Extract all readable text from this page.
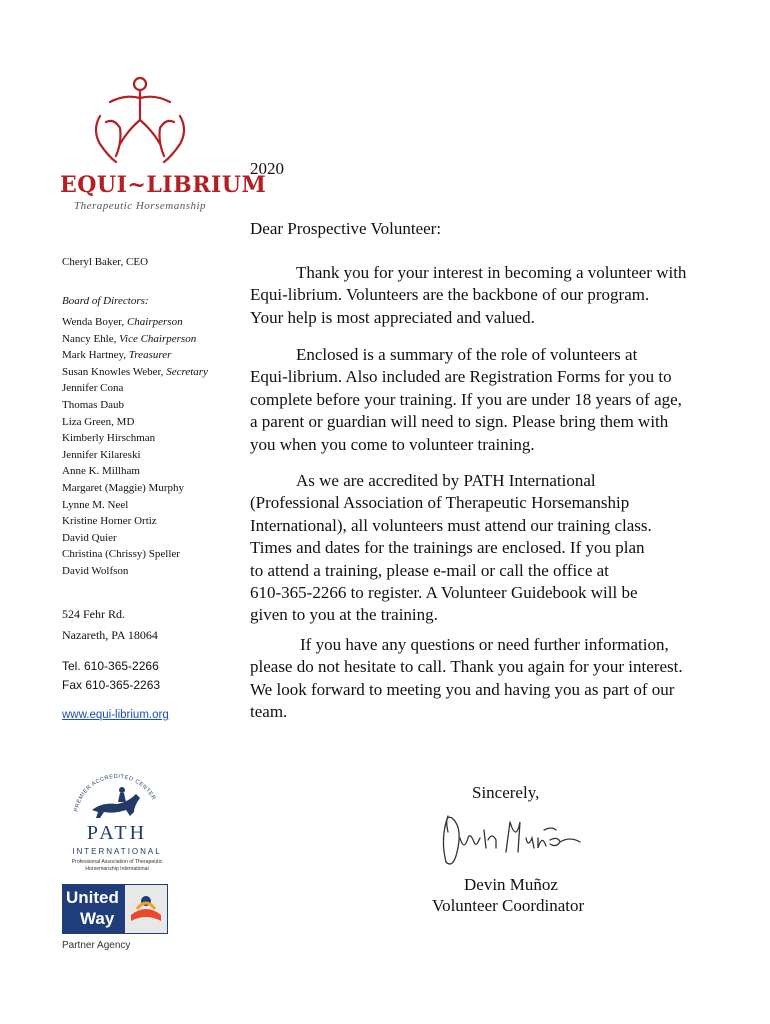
EQUI~LIBRIUM
Therapeutic Horsemanship
Cheryl Baker, CEO
Board of Directors:
Wenda Boyer, Chairperson
Nancy Ehle, Vice Chairperson
Mark Hartney, Treasurer
Susan Knowles Weber, Secretary
Jennifer Cona
Thomas Daub
Liza Green, MD
Kimberly Hirschman
Jennifer Kilareski
Anne K. Millham
Margaret (Maggie) Murphy
Lynne M. Neel
Kristine Horner Ortiz
David Quier
Christina (Chrissy) Speller
David Wolfson
524 Fehr Rd.
Nazareth, PA 18064
Tel. 610-365-2266
Fax 610-365-2263
www.equi-librium.org
PREMIER ACCREDITED CENTER
PATH
INTERNATIONAL
Professional Association of Therapeutic
Horsemanship International
United
Way
Partner Agency
2020
Dear Prospective Volunteer:

Thank you for your interest in becoming a volunteer with
Equi-librium. Volunteers are the backbone of our program.
Your help is most appreciated and valued.

Enclosed is a summary of the role of volunteers at
Equi-librium. Also included are Registration Forms for you to
complete before your training. If you are under 18 years of age,
a parent or guardian will need to sign. Please bring them with
you when you come to volunteer training.

As we are accredited by PATH International
(Professional Association of Therapeutic Horsemanship
International), all volunteers must attend our training class.
Times and dates for the trainings are enclosed. If you plan
to attend a training, please e-mail or call the office at
610-365-2266 to register. A Volunteer Guidebook will be
given to you at the training.

If you have any questions or need further information,
please do not hesitate to call. Thank you again for your interest.
We look forward to meeting you and having you as part of our
team.

Sincerely,
Devin Muñoz
Volunteer Coordinator
